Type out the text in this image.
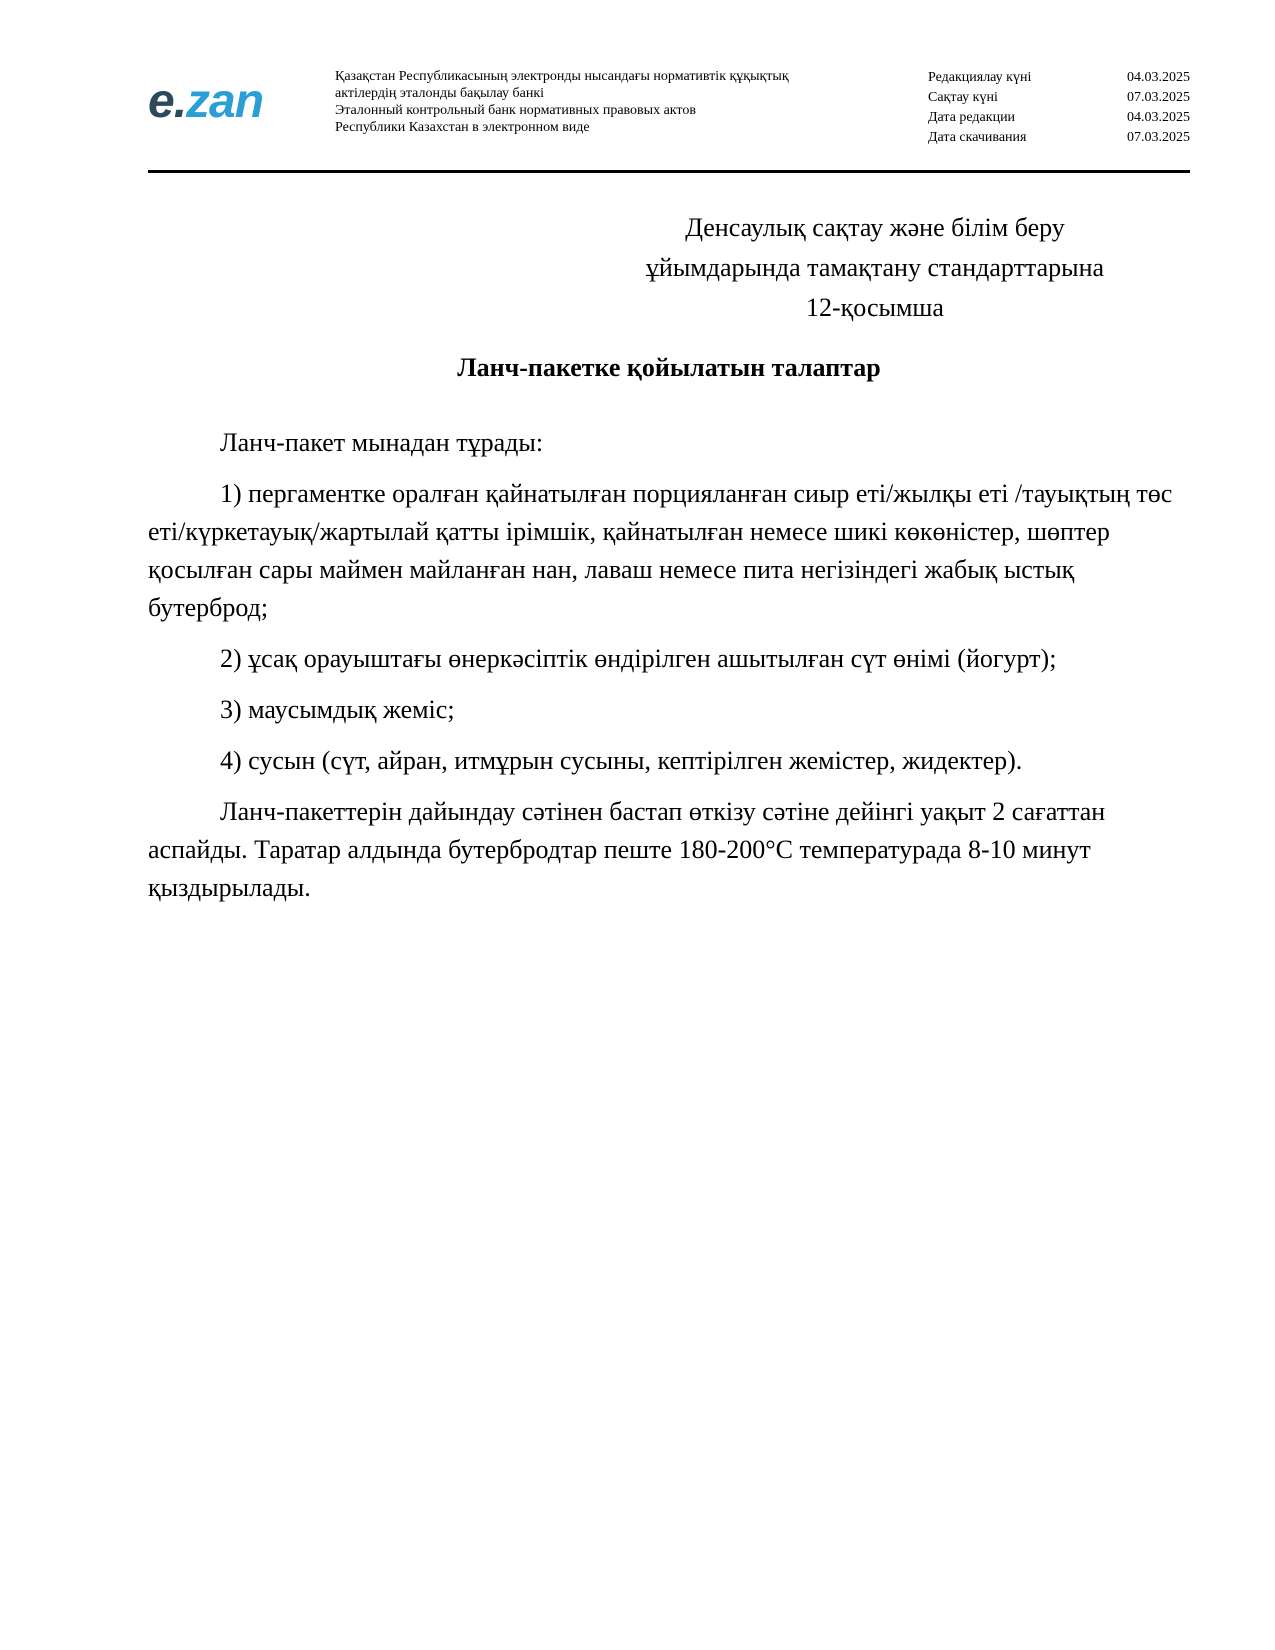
e.zan	Қазақстан Республикасының электронды нысандағы нормативтік құқықтық
актілердің эталонды бақылау банкі
Эталонный контрольный банк нормативных правовых актов
Республики Казахстан в электронном виде
Редакциялау күні	04.03.2025
Сақтау күні	07.03.2025
Дата редакции	04.03.2025
Дата скачивания	07.03.2025
Денсаулық сақтау және білім беру
ұйымдарында тамақтану стандарттарына
12-қосымша
Ланч-пакетке қойылатын талаптар

Ланч-пакет мынадан тұрады:

1) пергаментке оралған қайнатылған порцияланған сиыр еті/жылқы еті /тауықтың төс еті/күркетауық/жартылай қатты ірімшік, қайнатылған немесе шикі көкөністер, шөптер қосылған сары маймен майланған нан, лаваш немесе пита негізіндегі жабық ыстық бутерброд;

2) ұсақ орауыштағы өнеркәсіптік өндірілген ашытылған сүт өнімі (йогурт);

3) маусымдық жеміс;

4) сусын (сүт, айран, итмұрын сусыны, кептірілген жемістер, жидектер).

Ланч-пакеттерін дайындау сәтінен бастап өткізу сәтіне дейінгі уақыт 2 сағаттан аспайды. Таратар алдында бутербродтар пеште 180-200°С температурада 8-10 минут қыздырылады.
